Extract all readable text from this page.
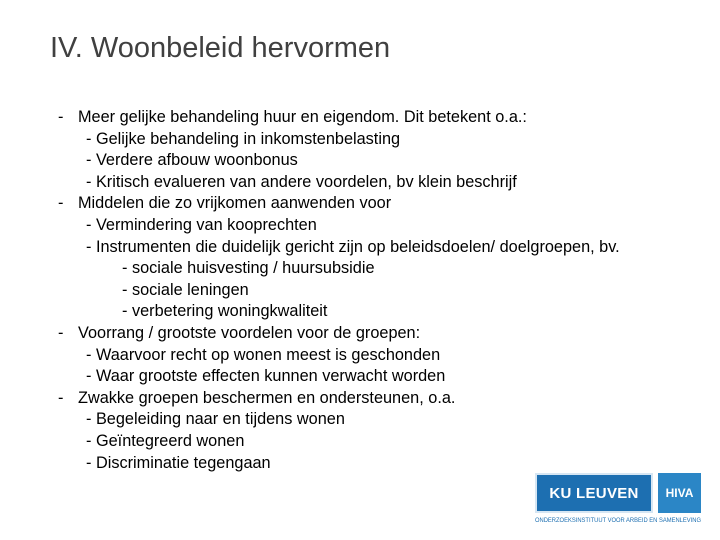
IV. Woonbeleid hervormen
- Meer gelijke behandeling huur en eigendom. Dit betekent o.a.:
- Gelijke behandeling in inkomstenbelasting
- Verdere afbouw woonbonus
- Kritisch evalueren van andere voordelen, bv klein beschrijf
- Middelen die zo vrijkomen aanwenden voor
- Vermindering van kooprechten
- Instrumenten die duidelijk gericht zijn op beleidsdoelen/ doelgroepen, bv.
- sociale huisvesting / huursubsidie
- sociale leningen
- verbetering woningkwaliteit
- Voorrang / grootste voordelen voor de groepen:
- Waarvoor recht op wonen meest is geschonden
- Waar grootste effecten kunnen verwacht worden
- Zwakke groepen beschermen en ondersteunen, o.a.
- Begeleiding naar en tijdens wonen
- Geïntegreerd wonen
- Discriminatie tegengaan
KU LEUVEN HIVA
ONDERZOEKSINSTITUUT VOOR ARBEID EN SAMENLEVING
